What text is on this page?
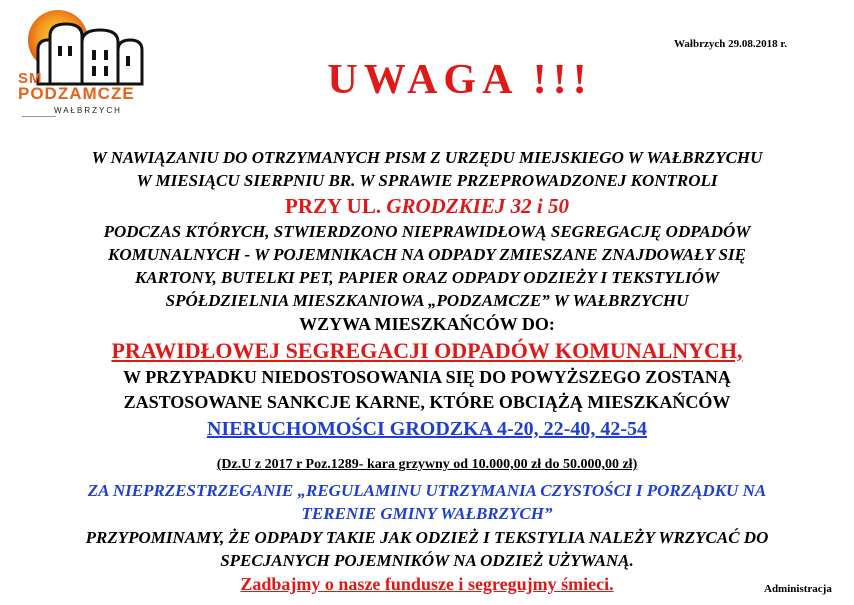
SM
PODZAMCZE
WAŁBRZYCH
Wałbrzych 29.08.2018 r.
UWAGA !!!
W NAWIĄZANIU DO OTRZYMANYCH PISM Z URZĘDU MIEJSKIEGO W WAŁBRZYCHU
W MIESIĄCU SIERPNIU BR. W SPRAWIE PRZEPROWADZONEJ KONTROLI
PRZY UL. GRODZKIEJ 32 i 50
PODCZAS KTÓRYCH, STWIERDZONO NIEPRAWIDŁOWĄ SEGREGACJĘ ODPADÓW
KOMUNALNYCH - W POJEMNIKACH NA ODPADY ZMIESZANE ZNAJDOWAŁY SIĘ
KARTONY, BUTELKI PET, PAPIER ORAZ ODPADY ODZIEŻY I TEKSTYLIÓW
SPÓŁDZIELNIA MIESZKANIOWA „PODZAMCZE” W WAŁBRZYCHU
WZYWA MIESZKAŃCÓW DO:
PRAWIDŁOWEJ SEGREGACJI ODPADÓW KOMUNALNYCH,
W PRZYPADKU NIEDOSTOSOWANIA SIĘ DO POWYŻSZEGO ZOSTANĄ
ZASTOSOWANE SANKCJE KARNE, KTÓRE OBCIĄŻĄ MIESZKAŃCÓW
NIERUCHOMOŚCI GRODZKA 4-20, 22-40, 42-54
(Dz.U z 2017 r Poz.1289- kara grzywny od 10.000,00 zł do 50.000,00 zł)
ZA NIEPRZESTRZEGANIE „REGULAMINU UTRZYMANIA CZYSTOŚCI I PORZĄDKU NA
TERENIE GMINY WAŁBRZYCH”
PRZYPOMINAMY, ŻE ODPADY TAKIE JAK ODZIEŻ I TEKSTYLIA NALEŻY WRZYCAĆ DO
SPECJANYCH POJEMNIKÓW NA ODZIEŻ UŻYWANĄ.
Zadbajmy o nasze fundusze i segregujmy śmieci.	Administracja
